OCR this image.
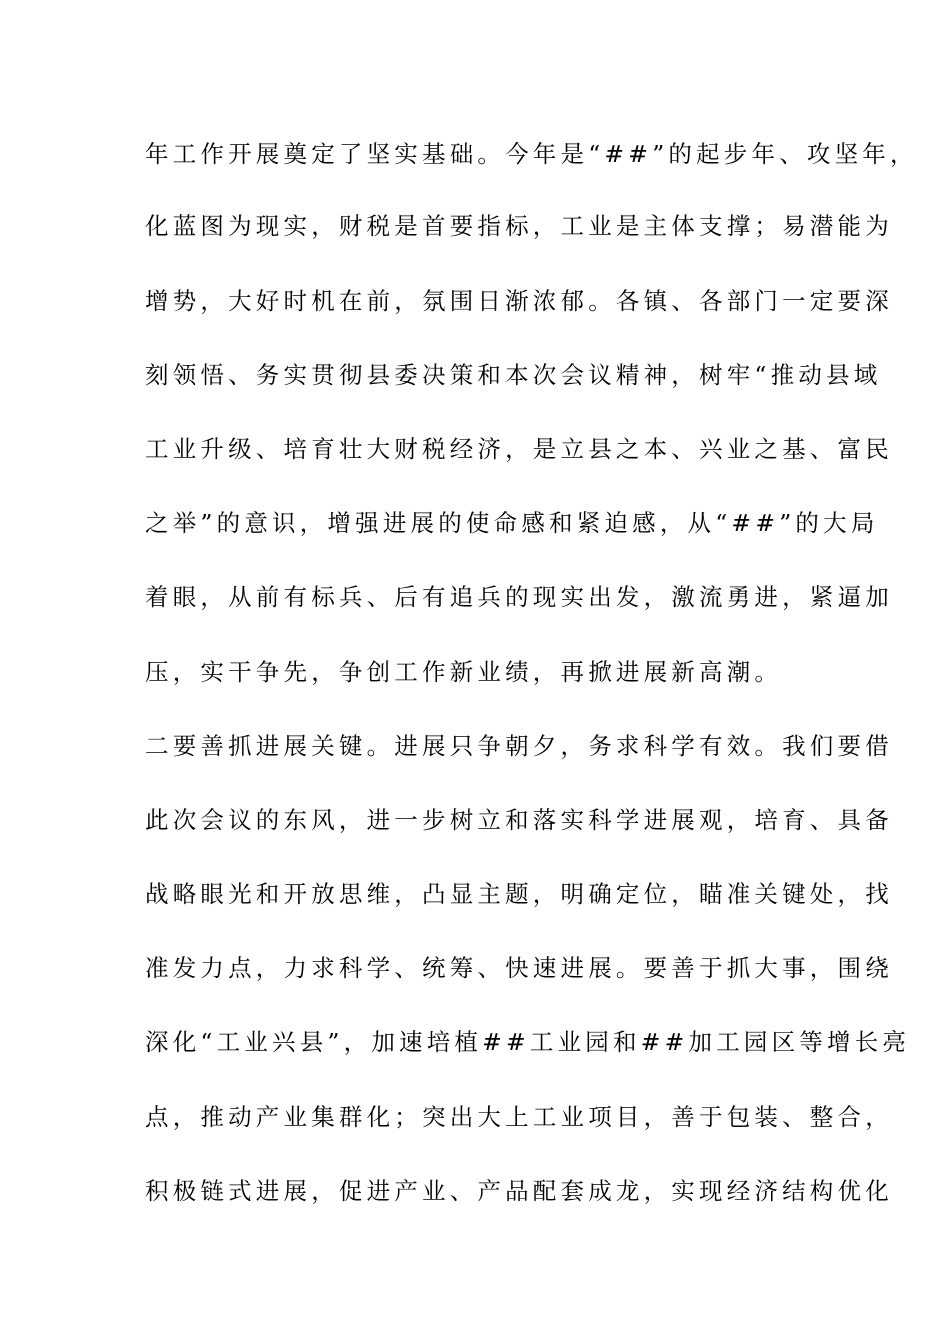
年工作开展奠定了坚实基础。今年是“##”的起步年、攻坚年，
化蓝图为现实，财税是首要指标，工业是主体支撑；易潜能为
增势，大好时机在前，氛围日渐浓郁。各镇、各部门一定要深
刻领悟、务实贯彻县委决策和本次会议精神，树牢“推动县域
工业升级、培育壮大财税经济，是立县之本、兴业之基、富民
之举”的意识，增强进展的使命感和紧迫感，从“##”的大局
着眼，从前有标兵、后有追兵的现实出发，激流勇进，紧逼加
压，实干争先，争创工作新业绩，再掀进展新高潮。
二要善抓进展关键。进展只争朝夕，务求科学有效。我们要借
此次会议的东风，进一步树立和落实科学进展观，培育、具备
战略眼光和开放思维，凸显主题，明确定位，瞄准关键处，找
准发力点，力求科学、统筹、快速进展。要善于抓大事，围绕
深化“工业兴县”，加速培植##工业园和##加工园区等增长亮
点，推动产业集群化；突出大上工业项目，善于包装、整合，
积极链式进展，促进产业、产品配套成龙，实现经济结构优化
